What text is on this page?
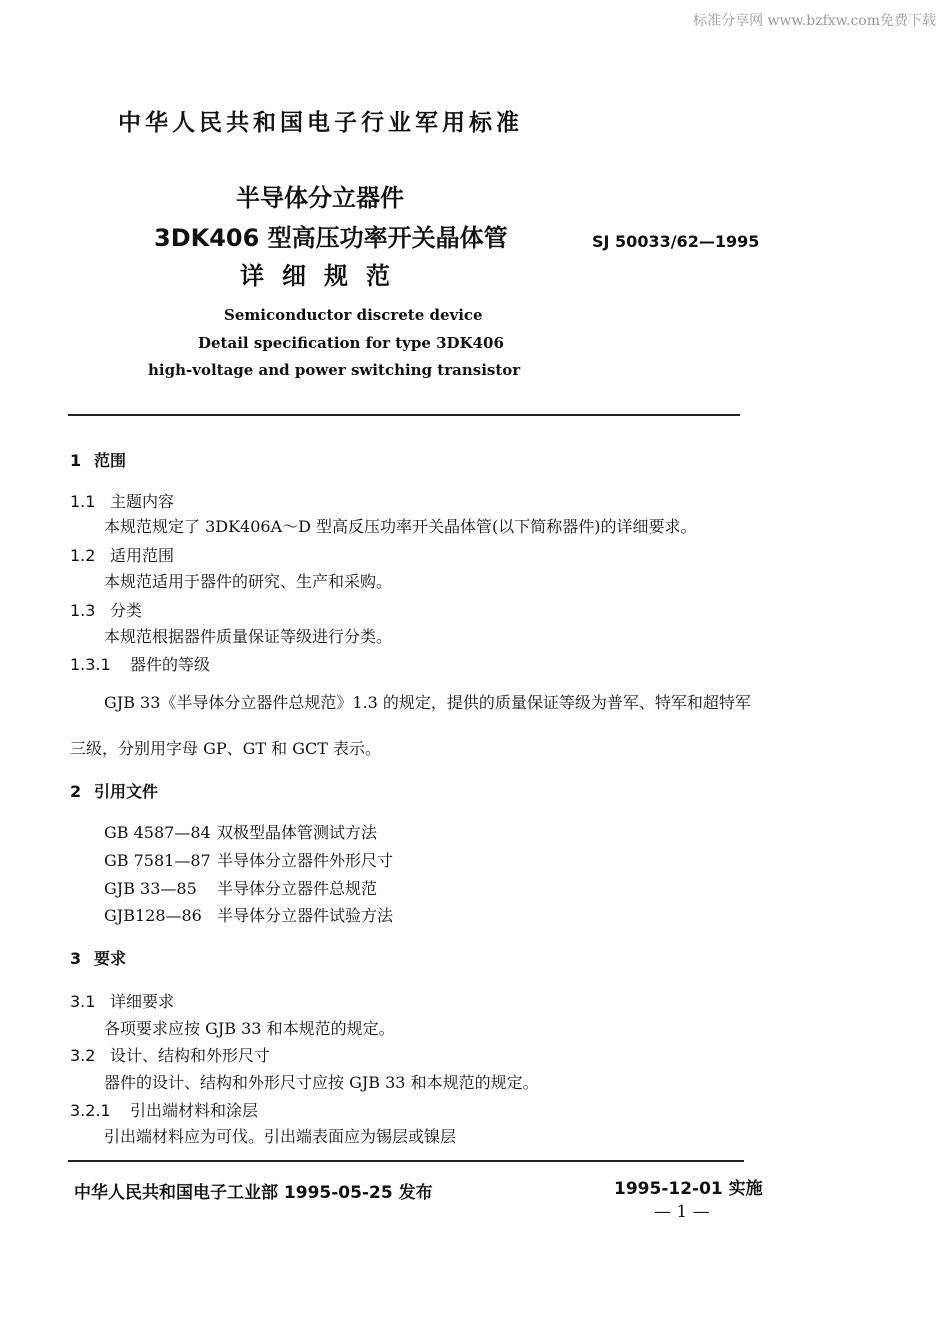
标准分享网 www.bzfxw.com免费下载
中华人民共和国电子行业军用标准
半导体分立器件
3DK406 型高压功率开关晶体管
详细规范
SJ 50033/62—1995
Semiconductor discrete device
Detail specification for type 3DK406
high-voltage and power switching transistor
1 范围
1.1 主题内容
本规范规定了 3DK406A～D 型高反压功率开关晶体管(以下简称器件)的详细要求。
1.2 适用范围
本规范适用于器件的研究、生产和采购。
1.3 分类
本规范根据器件质量保证等级进行分类。
1.3.1 器件的等级
GJB 33《半导体分立器件总规范》1.3 的规定，提供的质量保证等级为普军、特军和超特军
三级，分别用字母 GP、GT 和 GCT 表示。
2 引用文件
GB 4587—84 双极型晶体管测试方法
GB 7581—87 半导体分立器件外形尺寸
GJB 33—85 半导体分立器件总规范
GJB128—86 半导体分立器件试验方法
3 要求
3.1 详细要求
各项要求应按 GJB 33 和本规范的规定。
3.2 设计、结构和外形尺寸
器件的设计、结构和外形尺寸应按 GJB 33 和本规范的规定。
3.2.1 引出端材料和涂层
引出端材料应为可伐。引出端表面应为锡层或镍层
中华人民共和国电子工业部 1995-05-25 发布	1995-12-01 实施
— 1 —
